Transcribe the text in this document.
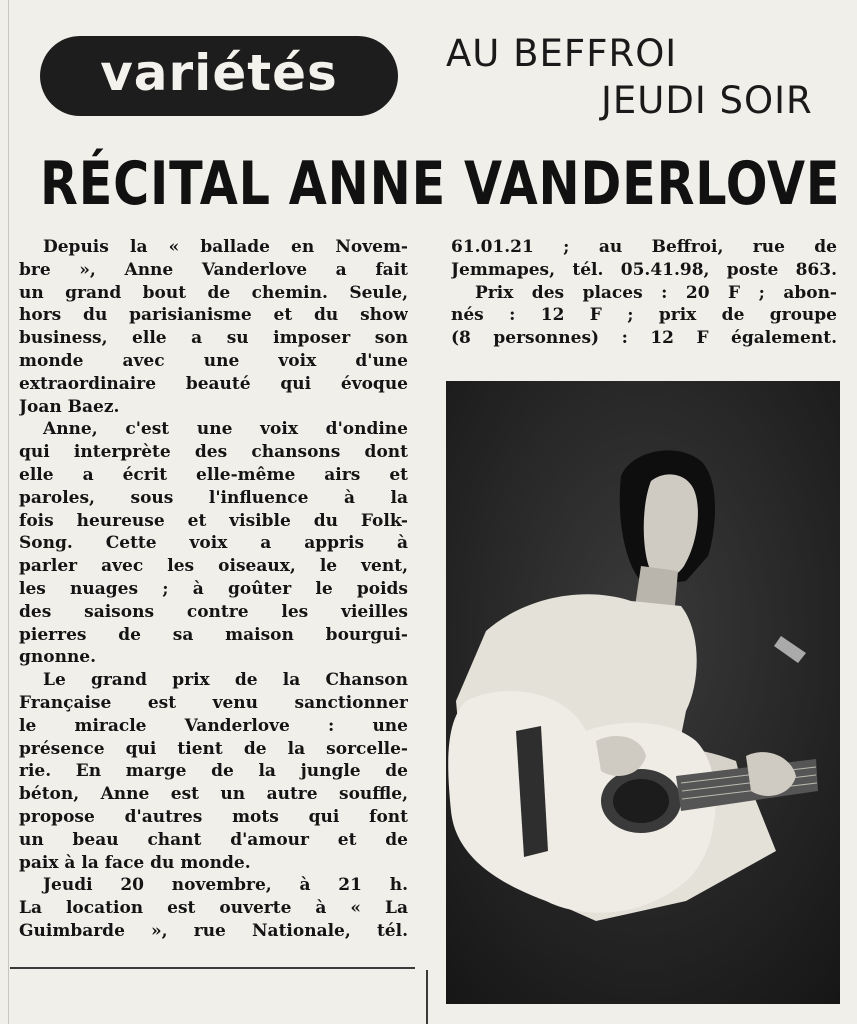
variétés	AU BEFFROI
JEUDI SOIR
RÉCITAL ANNE VANDERLOVE
Depuis la « ballade en Novem-
bre », Anne Vanderlove a fait
un grand bout de chemin. Seule,
hors du parisianisme et du show
business, elle a su imposer son
monde avec une voix d'une
extraordinaire beauté qui évoque
Joan Baez.
Anne, c'est une voix d'ondine
qui interprète des chansons dont
elle a écrit elle-même airs et
paroles, sous l'influence à la
fois heureuse et visible du Folk-
Song. Cette voix a appris à
parler avec les oiseaux, le vent,
les nuages ; à goûter le poids
des saisons contre les vieilles
pierres de sa maison bourgui-
gnonne.
Le grand prix de la Chanson
Française est venu sanctionner
le miracle Vanderlove : une
présence qui tient de la sorcelle-
rie. En marge de la jungle de
béton, Anne est un autre souffle,
propose d'autres mots qui font
un beau chant d'amour et de
paix à la face du monde.
Jeudi 20 novembre, à 21 h.
La location est ouverte à « La
Guimbarde », rue Nationale, tél.
61.01.21 ; au Beffroi, rue de
Jemmapes, tél. 05.41.98, poste 863.
Prix des places : 20 F ; abon-
nés : 12 F ; prix de groupe
(8 personnes) : 12 F également.
